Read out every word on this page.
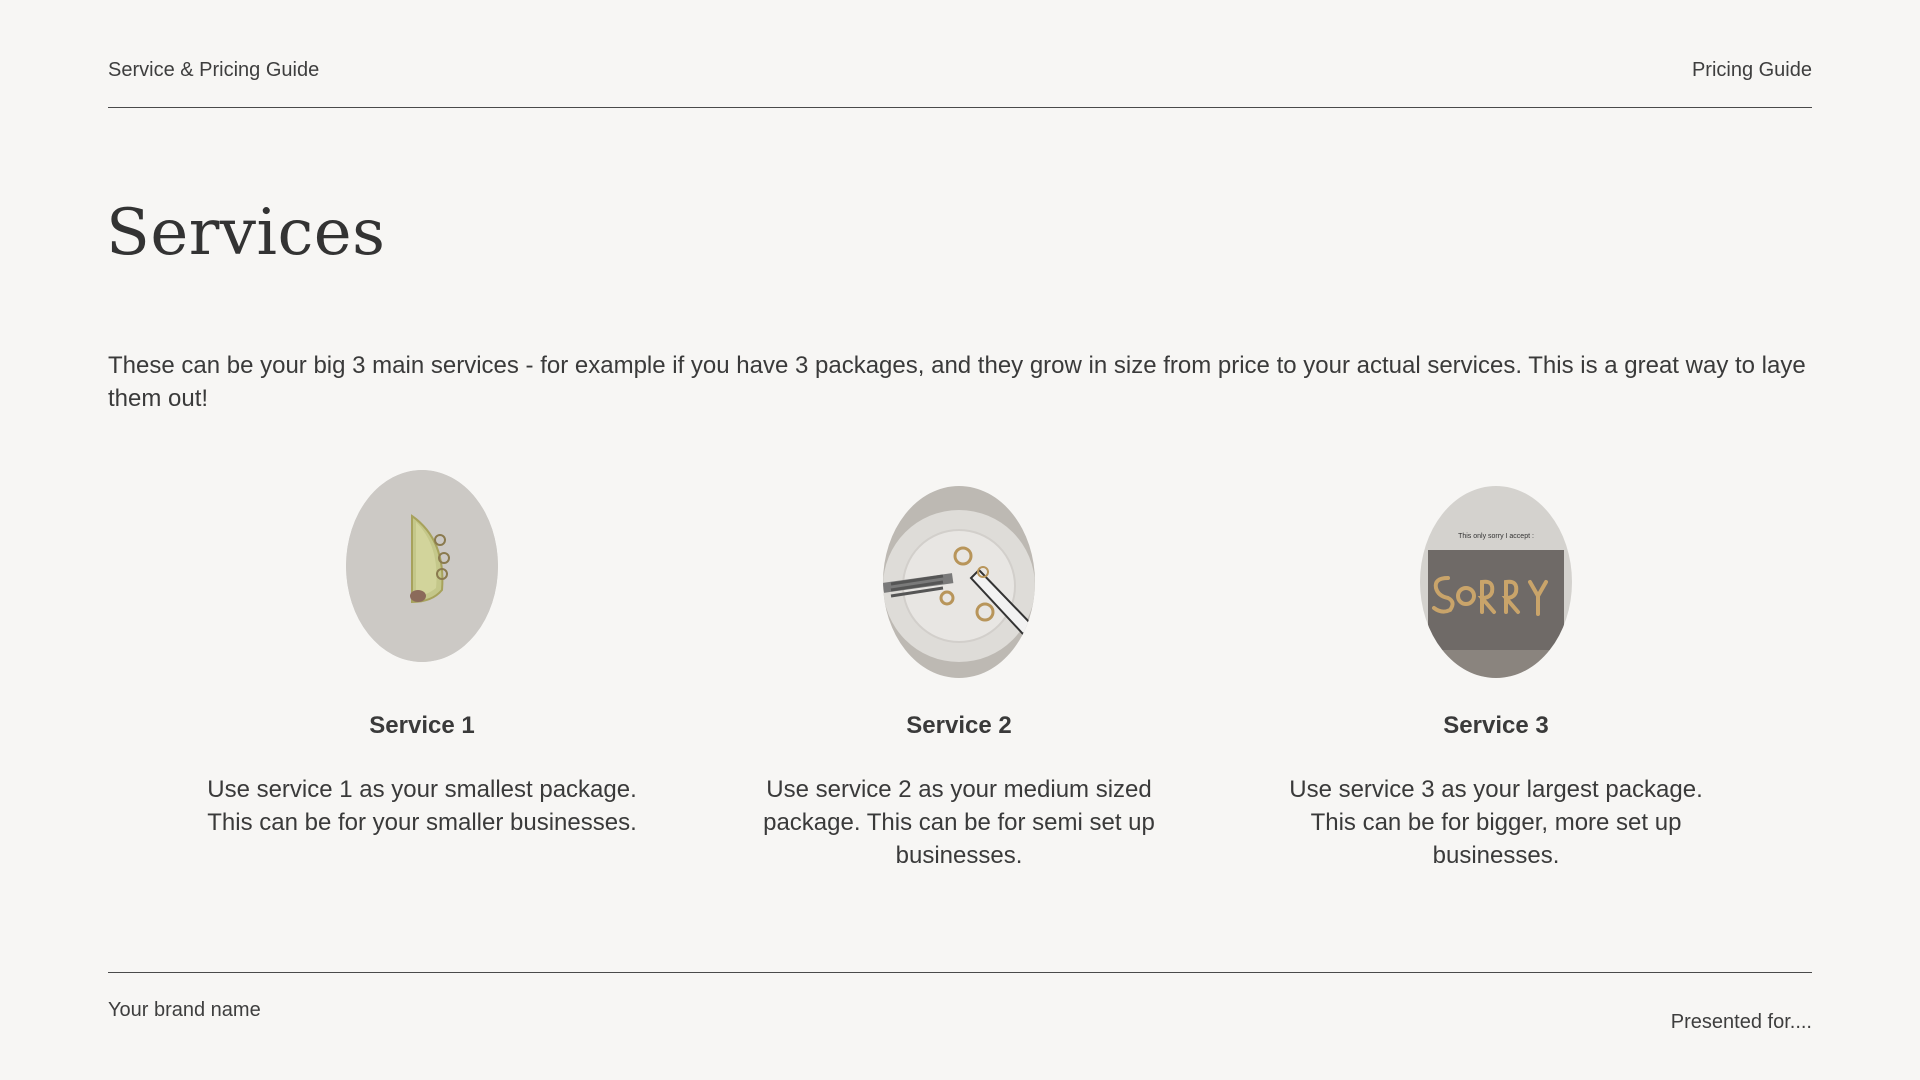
Service & Pricing Guide	Pricing Guide
Services

These can be your big 3 main services - for example if you have 3 packages, and they grow in size from price to your actual services. This is a great way to laye them out!

Service 1
Use service 1 as your smallest package. This can be for your smaller businesses.
Service 2
Use service 2 as your medium sized package. This can be for semi set up businesses.
This only sorry I accept :
Service 3
Use service 3 as your largest package. This can be for bigger, more set up businesses.
Your brand name
Presented for....
